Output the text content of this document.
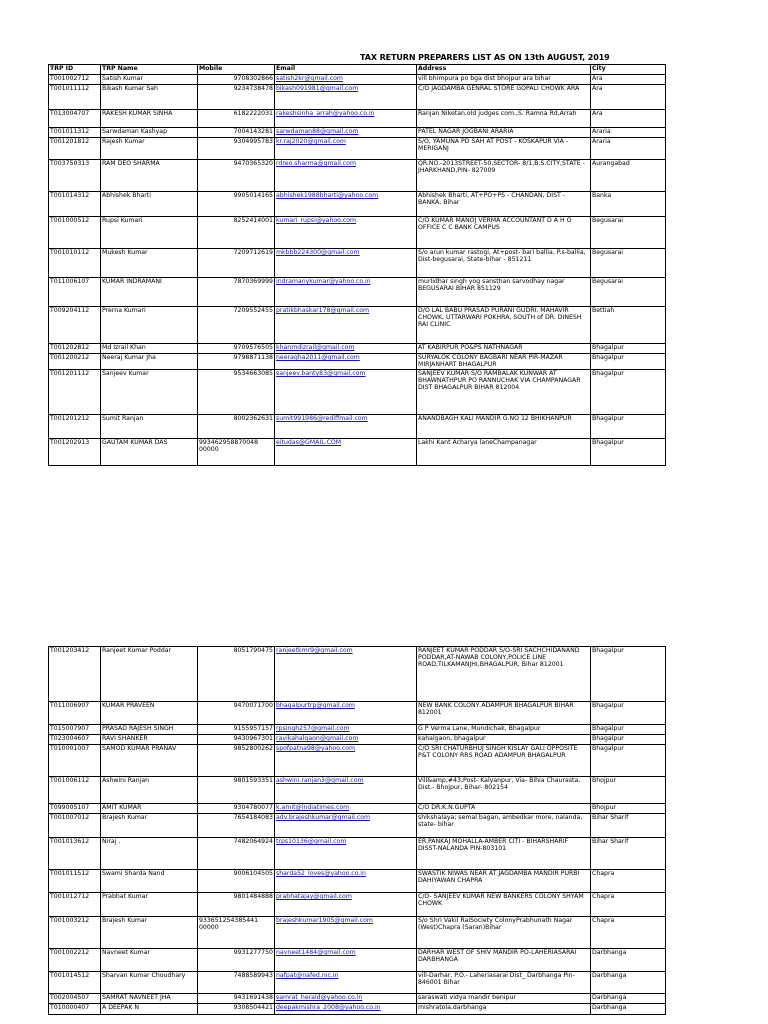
TAX RETURN PREPARERS LIST AS ON 13th AUGUST, 2019
TRP ID	TRP Name	Mobile	Email	Address	City
T001002712	Satish Kumar	9708302866	satish2kr@gmail.com	vill bhimpura po bga dist bhojpur ara bihar	Ara
T001011112	Bikash Kumar Sah	9234738478	bikash091981@gmail.com	C/O JAGDAMBA GENRAL STORE GOPALI CHOWK ARA	Ara
T013004707	RAKESH KUMAR SINHA	6182222031	rakeshsinha_arrah@yahoo.co.in	Ranjan Niketan,old judges com.,S. Ramna Rd,Arrah	Ara
T001011312	Sarwdaman Kashyap	7004143281	sarwdaman88@gmail.com	PATEL NAGAR JOGBANI ARARIA	Araria
T001201812	Rajesh Kumar	9304995783	kr.raj2020@gmail.com	S/O, YAMUNA PD SAH AT POST - KOSKAPUR VIA - MERIGANJ	Araria
T003750313	RAM DEO SHARMA	9470365320	rdreo.sharma@gmail.com	QR.NO.-2013STREET-50,SECTOR- 8/1,B.S.CITY,STATE - JHARKHAND,PIN- 827009	Aurangabad
T001014312	Abhishek Bharti	9905014165	abhishek1988bharti@yahoo.com	Abhishek Bharti, AT+PO+PS - CHANDAN, DIST - BANKA, Bihar	Banka
T001000512	Rupsi Kumari	8252414001	kumari_rupsi@yahoo.com	C/O KUMAR MANOJ VERMA ACCOUNTANT D A H O OFFICE C C BANK CAMPUS	Begusarai
T001010112	Mukesh Kumar	7209712619	mkbbb224300@gmail.com	S/o arun kumar rastogi, At+post- bari ballia, P.s-ballia, Dist-begusarai, State-bihar - 851211	Begusarai
T011006107	KUMAR INDRAMANI	7870369999	indramanykumar@yahoo.co.in	murlidhar singh yog sansthan sarvodhay nagar BEGUSARAI BIHAR 851129	Begusarai
T009204112	Prerna Kumari	7209552455	pratikbhaskar178@gmail.com	D/O LAL BABU PRASAD PURANI GUDRI, MAHAVIR CHOWK, UTTARWARI POKHRA, SOUTH of DR. DINESH RAI CLINIC	Bettiah
T001202812	Md Izrail Khan	9709576505	khanmdizrail@gmail.com	AT KABIRPUR PO&PS NATHNAGAR	Bhagalpur
T001200212	Neeraj Kumar Jha	9798871138	neeragha2011@gmail.com	SURYALOK COLONY BAGBARI NEAR PIR-MAZAR MIRJANHART BHAGALPUR	Bhagalpur
T001201112	Sanjeev Kumar	9534663085	sanjeev.banty83@gmail.com	SANJEEV KUMAR S/O RAMBALAK KUNWAR AT BHAWNATHPUR PO RANNUCHAK VIA CHAMPANAGAR DIST BHAGALPUR BIHAR 812004	Bhagalpur
T001201212	Sumit Ranjan	8002362631	sumit991986@rediffmail.com	ANANDBAGH KALI MANDIR G.NO 12 BHIKHANPUR	Bhagalpur
T001202913	GAUTAM KUMAR DAS	993462958870048 00000	eitudas@GMAIL.COM	Lakhi Kant Acharya laneChampanagar	Bhagalpur
T001203412	Ranjeet Kumar Poddar	8051790475	ranjeetkmr9@gmail.com	RANJEET KUMAR PODDAR S/O-SRI SACHCHIDANAND PODDAR,AT-NAWAB COLONY,POLICE LINE ROAD,TILKAMANJHI,BHAGALPUR, Bihar 812001	Bhagalpur
T011006907	KUMAR PRAVEEN	9470071700	bhagalpurtrp@gmail.com	NEW BANK COLONY ADAMPUR BHAGALPUR BIHAR 812001	Bhagalpur
T015007907	PRASAD RAJESH SINGH	9155957157	rpsingh257@gmail.com	G P Verma Lane, Mundichak, Bhagalpur	Bhagalpur
T023004607	RAVI SHANKER	9430967301	ravikahalgaon@gmail.com	kahalgaon, bhagalpur	Bhagalpur
T010001007	SAMOD KUMAR PRANAV	9852800262	spofpatna98@yahoo.com	C/O SRI CHATURBHUJ SINGH KISLAY GALI OPPOSITE P&T COLONY RRS ROAD ADAMPUR BHAGALPUR	Bhagalpur
T001006112	Ashwini Ranjan	9801593351	ashwini.ranjan3@gmail.com	Vill&amp;#43;Post- Kalyanpur, Via- Bihia Chaurasta, Dist.- Bhojpur, Bihar- 802154	Bhojpur
T099005107	AMIT KUMAR	9304780077	k.amit@indiatimes.com	C/O DR.K.N.GUPTA	Bhojpur
T001007012	Brajesh Kumar	7654184083	adv.brajeshkumar@gmail.com	shikshalaya; semal bagan, ambedkar more, nalanda, state- bihar	Bihar Sharif
T001013612	Niraj .	7482064924	trps10136@gmail.com	ER.PANKAJ MOHALLA-AMBER CITI - BIHARSHARIF DISST-NALANDA PIN-803101	Bihar Sharif
T001011512	Swami Sharda Nand	9006104505	sharda52_loves@yahoo.co.in	SWASTIK NIWAS NEAR AT JAGDAMBA MANDIR PURBI DAHIYAWAN CHAPRA	Chapra
T001012712	Prabhat Kumar	9801484888	prabhatajay@gmail.com	C/O- SANJEEV KUMAR NEW BANKERS COLONY SHYAM CHOWK	Chapra
T001003212	Brajesh Kumar	933651254385441 00000	brajeshkumar1905@gmail.com	S/o Shri Vakil RaiSociety ColonyPrabhunath Nagar (West)Chapra (Saran)Bihar	Chapra
T001002212	Navneet Kumar	9931277750	navneet1484@gmail.com	DARHAR WEST OF SHIV MANDIR PO-LAHERIASARAI DARBHANGA	Darbhanga
T001014512	Sharvan Kumar Choudhary	7488589943	nafpat@nafed.nic.in	vill-Darhar, P.O.- Laheriasarai Dist_ Darbhanga Pin-846001 Bihar	Darbhanga
T002004507	SAMRAT NAVNEET JHA	9431691438	samrat_herald@yahoo.co.in	saraswati vidya mandir benipur	Darbhanga
T010000407	A DEEPAK N	9308504421	deepakmishra_2008@yahoo.co.in	mishratola,darbhanga	Darbhanga
